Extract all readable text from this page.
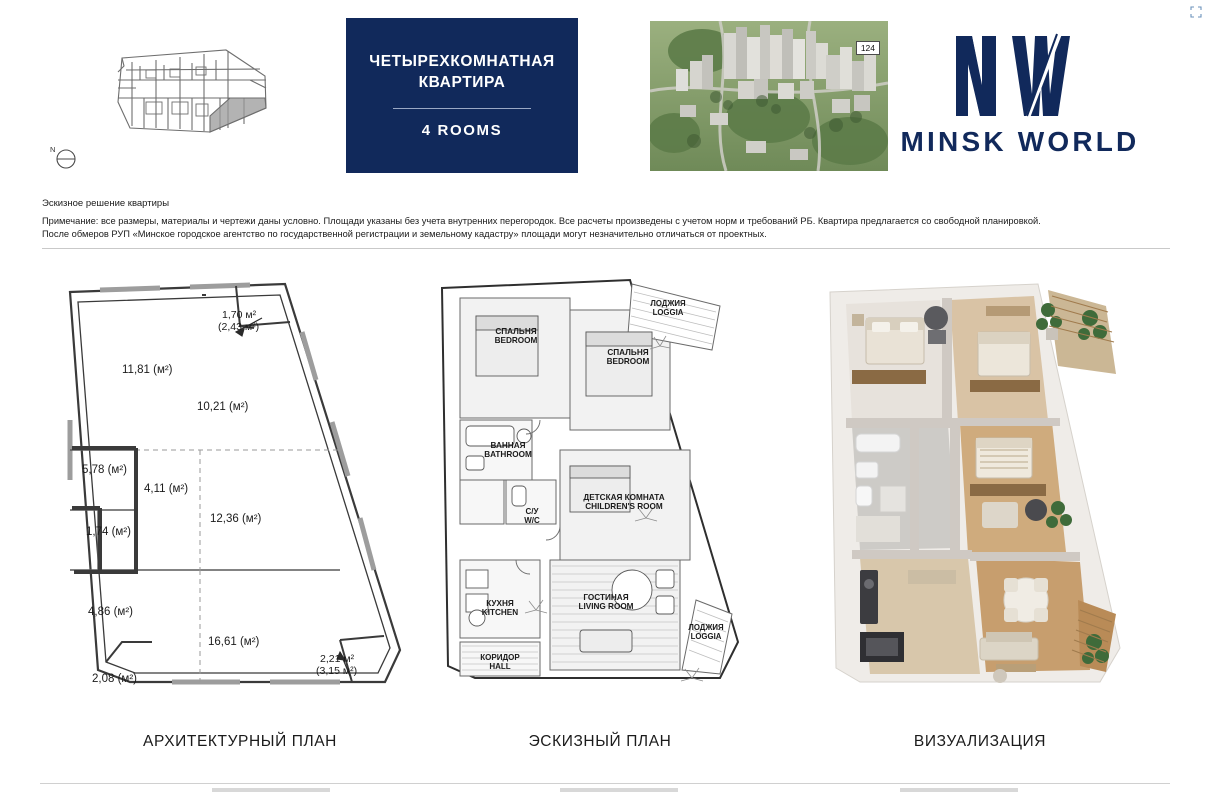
N
ЧЕТЫРЕХКОМНАТНАЯ
КВАРТИРА
4 ROOMS
124
MINSK WORLD
Эскизное решение квартиры
Примечание: все размеры, материалы и чертежи даны условно. Площади указаны без учета внутренних перегородок. Все расчеты произведены с учетом норм и требований РБ. Квартира предлагается со свободной планировкой.
После обмеров РУП «Минское городское агентство по государственной регистрации и земельному кадастру» площади могут незначительно отличаться от проектных.
11,81 (м²)
1,70 м²
(2,43 м²)
10,21 (м²)
5,78 (м²)
4,11 (м²)
1,74 (м²)
12,36 (м²)
4,86 (м²)
16,61 (м²)
2,08 (м²)
2,21 м²
(3,15 м²)
АРХИТЕКТУРНЫЙ ПЛАН
СПАЛЬНЯ
BEDROOM
СПАЛЬНЯ
BEDROOM
ЛОДЖИЯ
LOGGIA
ВАННАЯ
BATHROOM
С/У
W/C
ДЕТСКАЯ КОМНАТА
CHILDREN'S ROOM
КУХНЯ
KITCHEN
ГОСТИНАЯ
LIVING ROOM
ЛОДЖИЯ
LOGGIA
КОРИДОР
HALL
ЭСКИЗНЫЙ ПЛАН	ВИЗУАЛИЗАЦИЯ
